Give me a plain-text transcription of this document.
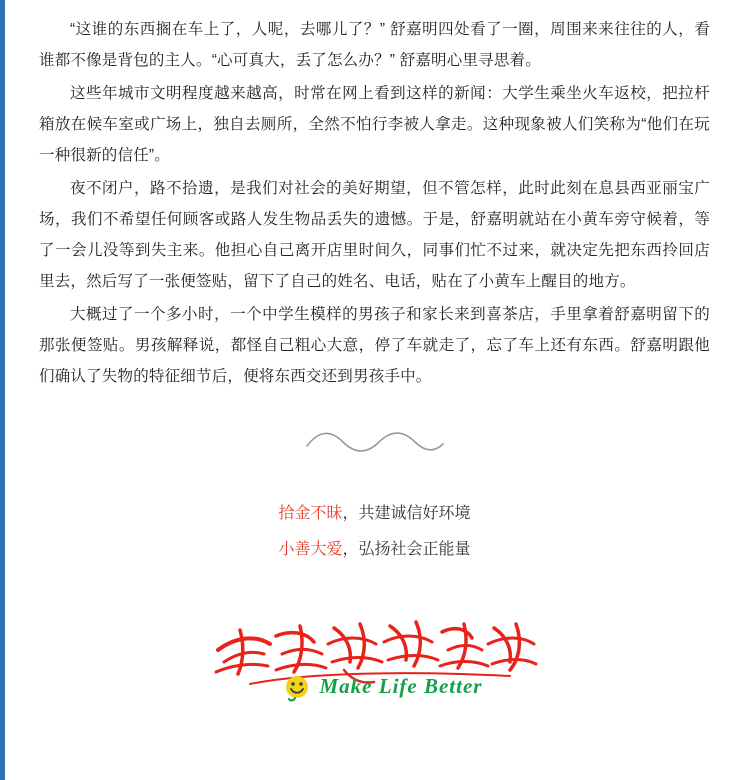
“这谁的东西搁在车上了，人呢，去哪儿了？” 舒嘉明四处看了一圈，周围来来往往的人，看谁都不像是背包的主人。“心可真大，丢了怎么办？” 舒嘉明心里寻思着。

这些年城市文明程度越来越高，时常在网上看到这样的新闻：大学生乘坐火车返校，把拉杆箱放在候车室或广场上，独自去厕所，全然不怕行李被人拿走。这种现象被人们笑称为“他们在玩一种很新的信任”。

夜不闭户，路不拾遗，是我们对社会的美好期望，但不管怎样，此时此刻在息县西亚丽宝广场，我们不希望任何顾客或路人发生物品丢失的遗憾。于是，舒嘉明就站在小黄车旁守候着，等了一会儿没等到失主来。他担心自己离开店里时间久，同事们忙不过来，就决定先把东西拎回店里去，然后写了一张便签贴，留下了自己的姓名、电话，贴在了小黄车上醒目的地方。

大概过了一个多小时，一个中学生模样的男孩子和家长来到喜茶店，手里拿着舒嘉明留下的那张便签贴。男孩解释说，都怪自己粗心大意，停了车就走了，忘了车上还有东西。舒嘉明跟他们确认了失物的特征细节后，便将东西交还到男孩手中。

拾金不昧，共建诚信好环境
小善大爱，弘扬社会正能量
Make Life Better
